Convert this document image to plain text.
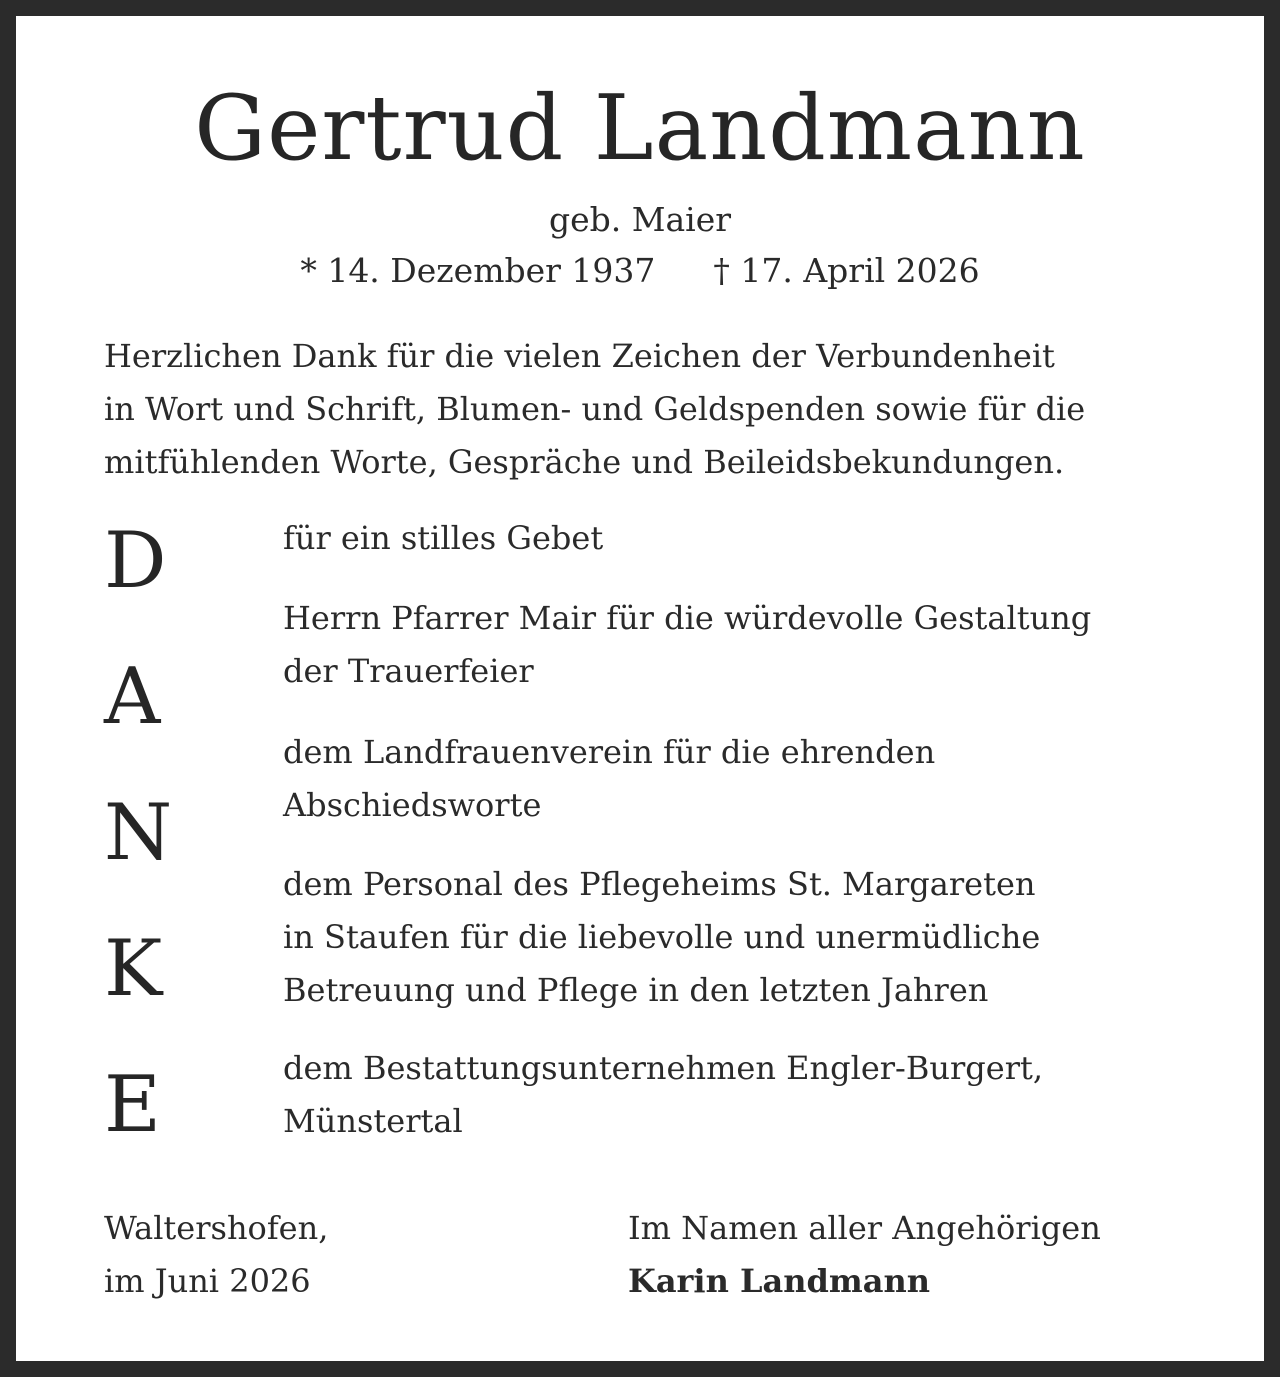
Gertrud Landmann
geb. Maier
* 14. Dezember 1937 † 17. April 2026
Herzlichen Dank für die vielen Zeichen der Verbundenheit
in Wort und Schrift, Blumen- und Geldspenden sowie für die
mitfühlenden Worte, Gespräche und Beileidsbekundungen.
D
A
N
K
E
für ein stilles Gebet
Herrn Pfarrer Mair für die würdevolle Gestaltung
der Trauerfeier
dem Landfrauenverein für die ehrenden
Abschiedsworte
dem Personal des Pflegeheims St. Margareten
in Staufen für die liebevolle und unermüdliche
Betreuung und Pflege in den letzten Jahren
dem Bestattungsunternehmen Engler-Burgert,
Münstertal
Waltershofen,
im Juni 2026
Im Namen aller Angehörigen
Karin Landmann
